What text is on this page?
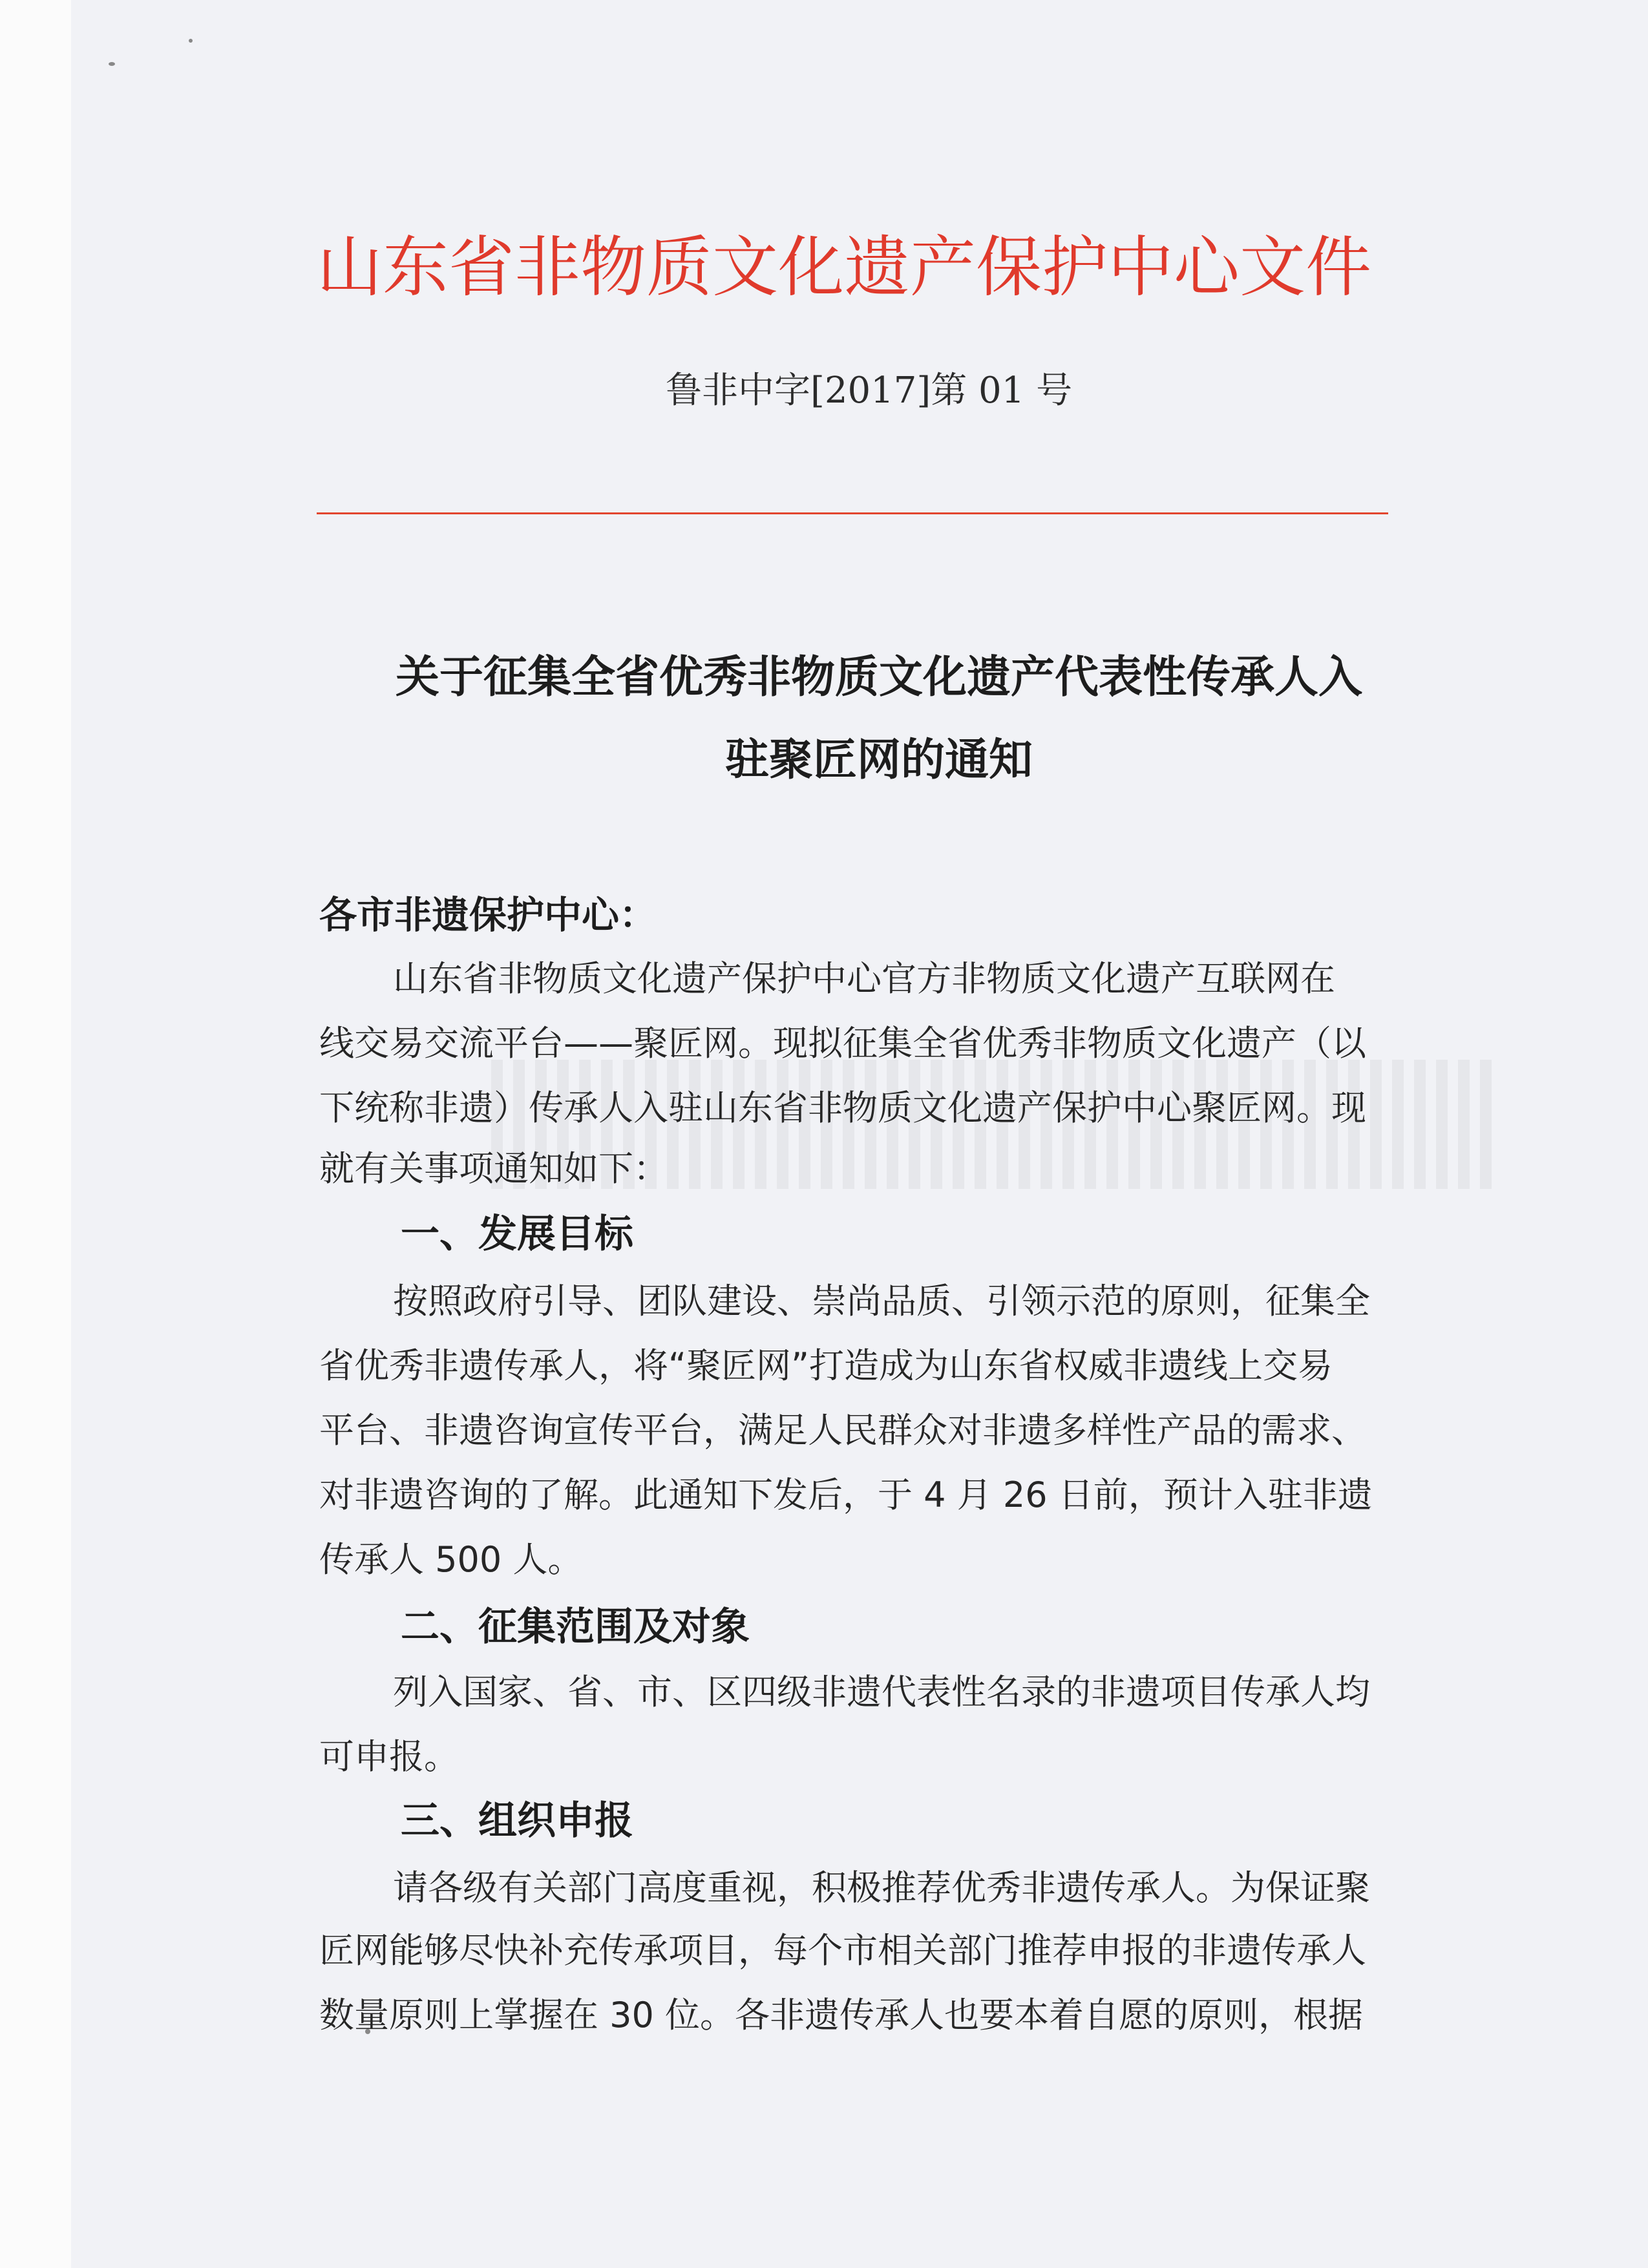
山东省非物质文化遗产保护中心文件
鲁非中字[2017]第 01 号
关于征集全省优秀非物质文化遗产代表性传承人入
驻聚匠网的通知
各市非遗保护中心：
山东省非物质文化遗产保护中心官方非物质文化遗产互联网在
线交易交流平台——聚匠网。现拟征集全省优秀非物质文化遗产（以
下统称非遗）传承人入驻山东省非物质文化遗产保护中心聚匠网。现
就有关事项通知如下：
一、发展目标
按照政府引导、团队建设、崇尚品质、引领示范的原则，征集全
省优秀非遗传承人，将“聚匠网”打造成为山东省权威非遗线上交易
平台、非遗咨询宣传平台，满足人民群众对非遗多样性产品的需求、
对非遗咨询的了解。此通知下发后，于 4 月 26 日前，预计入驻非遗
传承人 500 人。
二、征集范围及对象
列入国家、省、市、区四级非遗代表性名录的非遗项目传承人均
可申报。
三、组织申报
请各级有关部门高度重视，积极推荐优秀非遗传承人。为保证聚
匠网能够尽快补充传承项目，每个市相关部门推荐申报的非遗传承人
数量原则上掌握在 30 位。各非遗传承人也要本着自愿的原则，根据
